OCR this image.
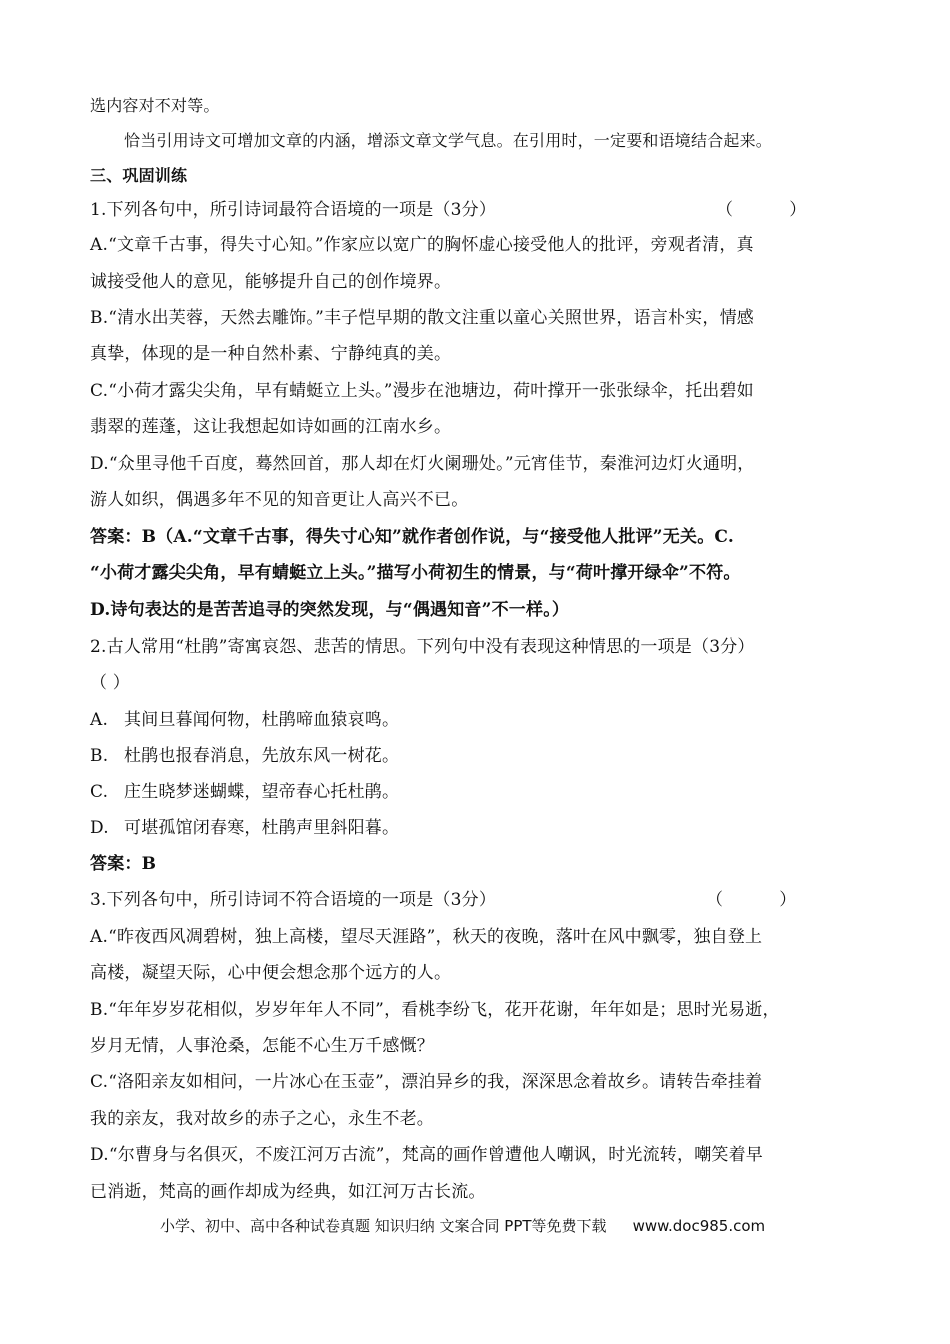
选内容对不对等。
恰当引用诗文可增加文章的内涵，增添文章文学气息。在引用时，一定要和语境结合起来。
三、巩固训练
1.下列各句中，所引诗词最符合语境的一项是（3分）	（          ）
A.“文章千古事，得失寸心知。”作家应以宽广的胸怀虚心接受他人的批评，旁观者清，真
诚接受他人的意见，能够提升自己的创作境界。
B.“清水出芙蓉，天然去雕饰。”丰子恺早期的散文注重以童心关照世界，语言朴实，情感
真挚，体现的是一种自然朴素、宁静纯真的美。
C.“小荷才露尖尖角，早有蜻蜓立上头。”漫步在池塘边，荷叶撑开一张张绿伞，托出碧如
翡翠的莲蓬，这让我想起如诗如画的江南水乡。
D.“众里寻他千百度，蓦然回首，那人却在灯火阑珊处。”元宵佳节，秦淮河边灯火通明，
游人如织，偶遇多年不见的知音更让人高兴不已。
答案：B（A.“文章千古事，得失寸心知”就作者创作说，与“接受他人批评”无关。C.
“小荷才露尖尖角，早有蜻蜓立上头。”描写小荷初生的情景，与“荷叶撑开绿伞”不符。
D.诗句表达的是苦苦追寻的突然发现，与“偶遇知音”不一样。）
2.古人常用“杜鹃”寄寓哀怨、悲苦的情思。下列句中没有表现这种情思的一项是（3分）
（ ）
A. 其间旦暮闻何物，杜鹃啼血猿哀鸣。
B. 杜鹃也报春消息，先放东风一树花。
C. 庄生晓梦迷蝴蝶，望帝春心托杜鹃。
D. 可堪孤馆闭春寒，杜鹃声里斜阳暮。
答案：B
3.下列各句中，所引诗词不符合语境的一项是（3分）	（          ）
A.“昨夜西风凋碧树，独上高楼，望尽天涯路”，秋天的夜晚，落叶在风中飘零，独自登上
高楼，凝望天际，心中便会想念那个远方的人。
B.“年年岁岁花相似，岁岁年年人不同”，看桃李纷飞，花开花谢，年年如是；思时光易逝，
岁月无情，人事沧桑，怎能不心生万千感慨？
C.“洛阳亲友如相问，一片冰心在玉壶”，漂泊异乡的我，深深思念着故乡。请转告牵挂着
我的亲友，我对故乡的赤子之心，永生不老。
D.“尔曹身与名俱灭，不废江河万古流”，梵高的画作曾遭他人嘲讽，时光流转，嘲笑着早
已消逝，梵高的画作却成为经典，如江河万古长流。
小学、初中、高中各种试卷真题 知识归纳 文案合同 PPT等免费下载 www.doc985.com
